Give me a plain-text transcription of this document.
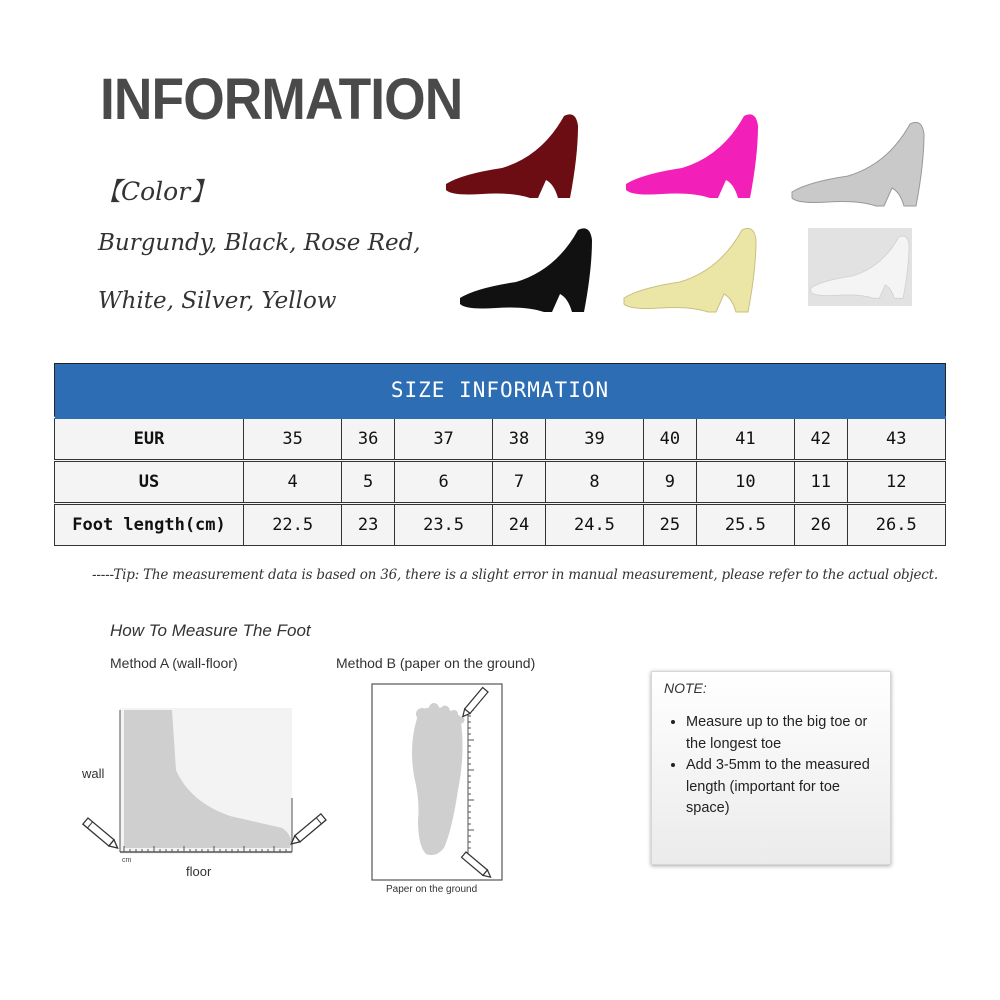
INFORMATION
【Color】
Burgundy, Black, Rose Red,
White, Silver, Yellow
SIZE INFORMATION									
EUR	35	36	37	38	39	40	41	42	43
US	4	5	6	7	8	9	10	11	12
Foot length(cm)	22.5	23	23.5	24	24.5	25	25.5	26	26.5
-----Tip: The measurement data is based on 36, there is a slight error in manual measurement, please refer to the actual object.
How To Measure The Foot
Method A (wall-floor)	Method B (paper on the ground)
cm
wall
floor
Paper on the ground
NOTE:
• Measure up to the big toe or the longest toe
• Add 3-5mm to the measured length (important for toe space)
